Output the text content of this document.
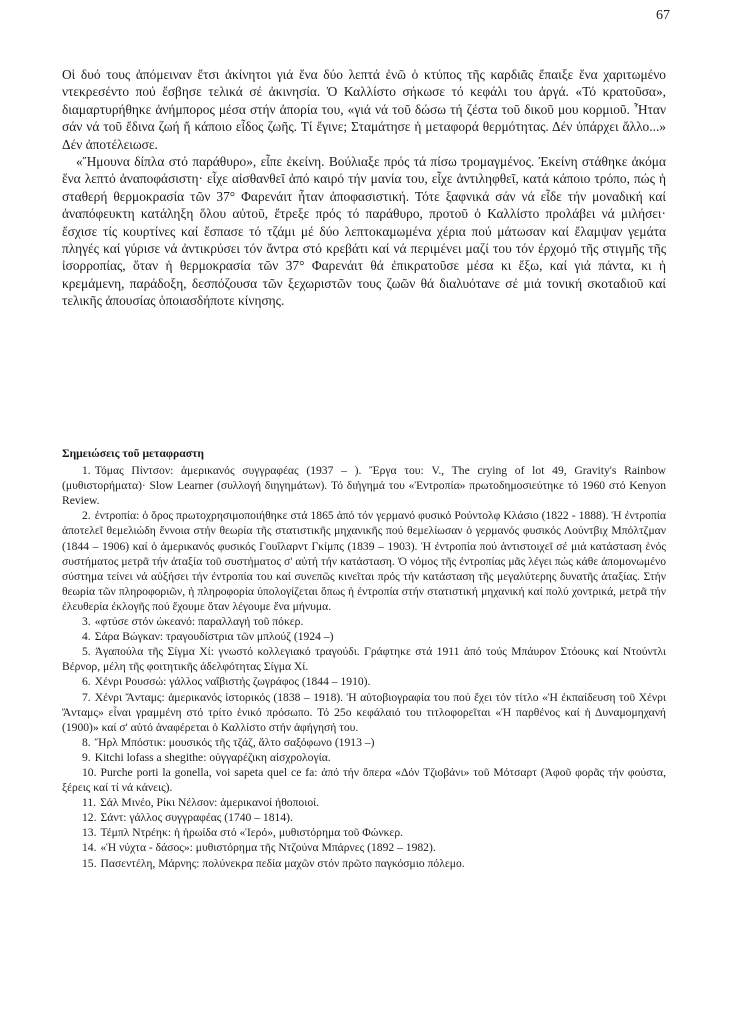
67

Οἱ δυό τους ἀπόμειναν ἔτσι ἀκίνητοι γιά ἕνα δύο λεπτά ἐνῶ ὁ κτύπος τῆς καρδιᾶς ἔπαιξε ἕνα χαριτωμένο ντεκρεσέντο πού ἔσβησε τελικά σέ ἀκινησία. Ὁ Καλλίστο σήκωσε τό κεφάλι του ἀργά. «Τό κρατοῦσα», διαμαρτυρήθηκε ἀνήμπορος μέσα στήν ἀπορία του, «γιά νά τοῦ δώσω τή ζέστα τοῦ δικοῦ μου κορμιοῦ. Ἦταν σάν νά τοῦ ἔδινα ζωή ἤ κάποιο εἶδος ζωῆς. Τί ἔγινε; Σταμάτησε ἡ μεταφορά θερμότητας. Δέν ὑπάρχει ἄλλο...» Δέν ἀποτέλειωσε.

«Ἤμουνα δίπλα στό παράθυρο», εἶπε ἐκείνη. Βούλιαξε πρός τά πίσω τρομαγμένος. Ἐκείνη στάθηκε ἀκόμα ἕνα λεπτό ἀναποφάσιστη· εἶχε αἰσθανθεῖ ἀπό καιρό τήν μανία του, εἶχε ἀντιληφθεῖ, κατά κάποιο τρόπο, πώς ἡ σταθερή θερμοκρασία τῶν 37° Φαρενάιτ ἦταν ἀποφασιστική. Τότε ξαφνικά σάν νά εἶδε τήν μοναδική καί ἀναπόφευκτη κατάληξη ὅλου αὐτοῦ, ἔτρεξε πρός τό παράθυρο, προτοῦ ὁ Καλλίστο προλάβει νά μιλήσει· ἔσχισε τίς κουρτίνες καί ἔσπασε τό τζάμι μέ δύο λεπτοκαμωμένα χέρια πού μάτωσαν καί ἔλαμψαν γεμάτα πληγές καί γύρισε νά ἀντικρύσει τόν ἄντρα στό κρεβάτι καί νά περιμένει μαζί του τόν ἐρχομό τῆς στιγμῆς τῆς ἰσορροπίας, ὅταν ἡ θερμοκρασία τῶν 37° Φαρενάιτ θά ἐπικρατοῦσε μέσα κι ἔξω, καί γιά πάντα, κι ἡ κρεμάμενη, παράδοξη, δεσπόζουσα τῶν ξεχωριστῶν τους ζωῶν θά διαλυότανε σέ μιά τονική σκοταδιοῦ καί τελικῆς ἀπουσίας ὁποιασδήποτε κίνησης.

Σημειώσεις τοῦ μεταφραστη

1. Τόμας Πίντσον: ἀμερικανός συγγραφέας (1937 – ). Ἔργα του: V., The crying of lot 49, Gravity's Rainbow (μυθιστορήματα)· Slow Learner (συλλογή διηγημάτων). Τό διήγημά του «Ἐντροπία» πρωτοδημοσιεύτηκε τό 1960 στό Kenyon Review.

2. ἐντροπία: ὁ ὅρος πρωτοχρησιμοποιήθηκε στά 1865 ἀπό τόν γερμανό φυσικό Ρούντολφ Κλάσιο (1822 - 1888). Ἡ ἐντροπία ἀποτελεῖ θεμελιώδη ἔννοια στήν θεωρία τῆς στατιστικῆς μηχανικῆς πού θεμελίωσαν ὁ γερμανός φυσικός Λούντβιχ Μπόλτζμαν (1844 – 1906) καί ὁ ἀμερικανός φυσικός Γουΐλαρντ Γκίμπς (1839 – 1903). Ἡ ἐντροπία πού ἀντιστοιχεῖ σέ μιά κατάσταση ἑνός συστήματος μετρᾶ τήν ἀταξία τοῦ συστήματος σ' αὐτή τήν κατάσταση. Ὁ νόμος τῆς ἐντροπίας μᾶς λέγει πώς κάθε ἀπομονωμένο σύστημα τείνει νά αὐξήσει τήν ἐντροπία του καί συνεπῶς κινεῖται πρός τήν κατάσταση τῆς μεγαλύτερης δυνατῆς ἀταξίας. Στήν θεωρία τῶν πληροφοριῶν, ἡ πληροφορία ὑπολογίζεται ὅπως ἡ ἐντροπία στήν στατιστική μηχανική καί πολύ χοντρικά, μετρᾶ τήν ἐλευθερία ἐκλογῆς πού ἔχουμε ὅταν λέγουμε ἕνα μήνυμα.

3. «φτύσε στόν ὠκεανό: παραλλαγή τοῦ πόκερ.

4. Σάρα Βώγκαν: τραγουδίστρια τῶν μπλούζ (1924 –)

5. Ἀγαπούλα τῆς Σίγμα Χί: γνωστό κολλεγιακό τραγούδι. Γράφτηκε στά 1911 ἀπό τούς Μπάυρον Στόουκς καί Ντούντλι Βέρνορ, μέλη τῆς φοιτητικῆς ἀδελφότητας Σίγμα Χί.

6. Χένρι Ρουσσώ: γάλλος ναΐβιστής ζωγράφος (1844 – 1910).

7. Χένρι Ἄνταμς: ἀμερικανός ἱστορικός (1838 – 1918). Ἡ αὐτοβιογραφία του πού ἔχει τόν τίτλο «Ἡ ἐκπαίδευση τοῦ Χένρι Ἄνταμς» εἶναι γραμμένη στό τρίτο ἑνικό πρόσωπο. Τό 25ο κεφάλαιό του τιτλοφορεῖται «Ἡ παρθένος καί ἡ Δυναμομηχανή (1900)» καί σ' αὐτό ἀναφέρεται ὁ Καλλίστο στήν ἀφήγησή του.

8. Ἤρλ Μπόστικ: μουσικός τῆς τζάζ, ἄλτο σαξόφωνο (1913 –)

9. Kitchi lofass a shegithe: οὑγγαρέζικη αἰσχρολογία.

10. Purche porti la gonella, voi sapeta quel ce fa: ἀπό τήν ὄπερα «Δόν Τζιοβάνι» τοῦ Μότσαρτ (Ἀφοῦ φορᾶς τήν φούστα, ξέρεις καί τί νά κάνεις).

11. Σάλ Μινέο, Ρίκι Νέλσον: ἀμερικανοί ἠθοποιοί.

12. Σάντ: γάλλος συγγραφέας (1740 – 1814).

13. Τέμπλ Ντρέηκ: ἡ ἡρωίδα στό «Ἱερό», μυθιστόρημα τοῦ Φώνκερ.

14. «Ἡ νύχτα - δάσος»: μυθιστόρημα τῆς Ντζούνα Μπάρνες (1892 – 1982).

15. Πασεντέλη, Μάρνης: πολύνεκρα πεδία μαχῶν στόν πρῶτο παγκόσμιο πόλεμο.
